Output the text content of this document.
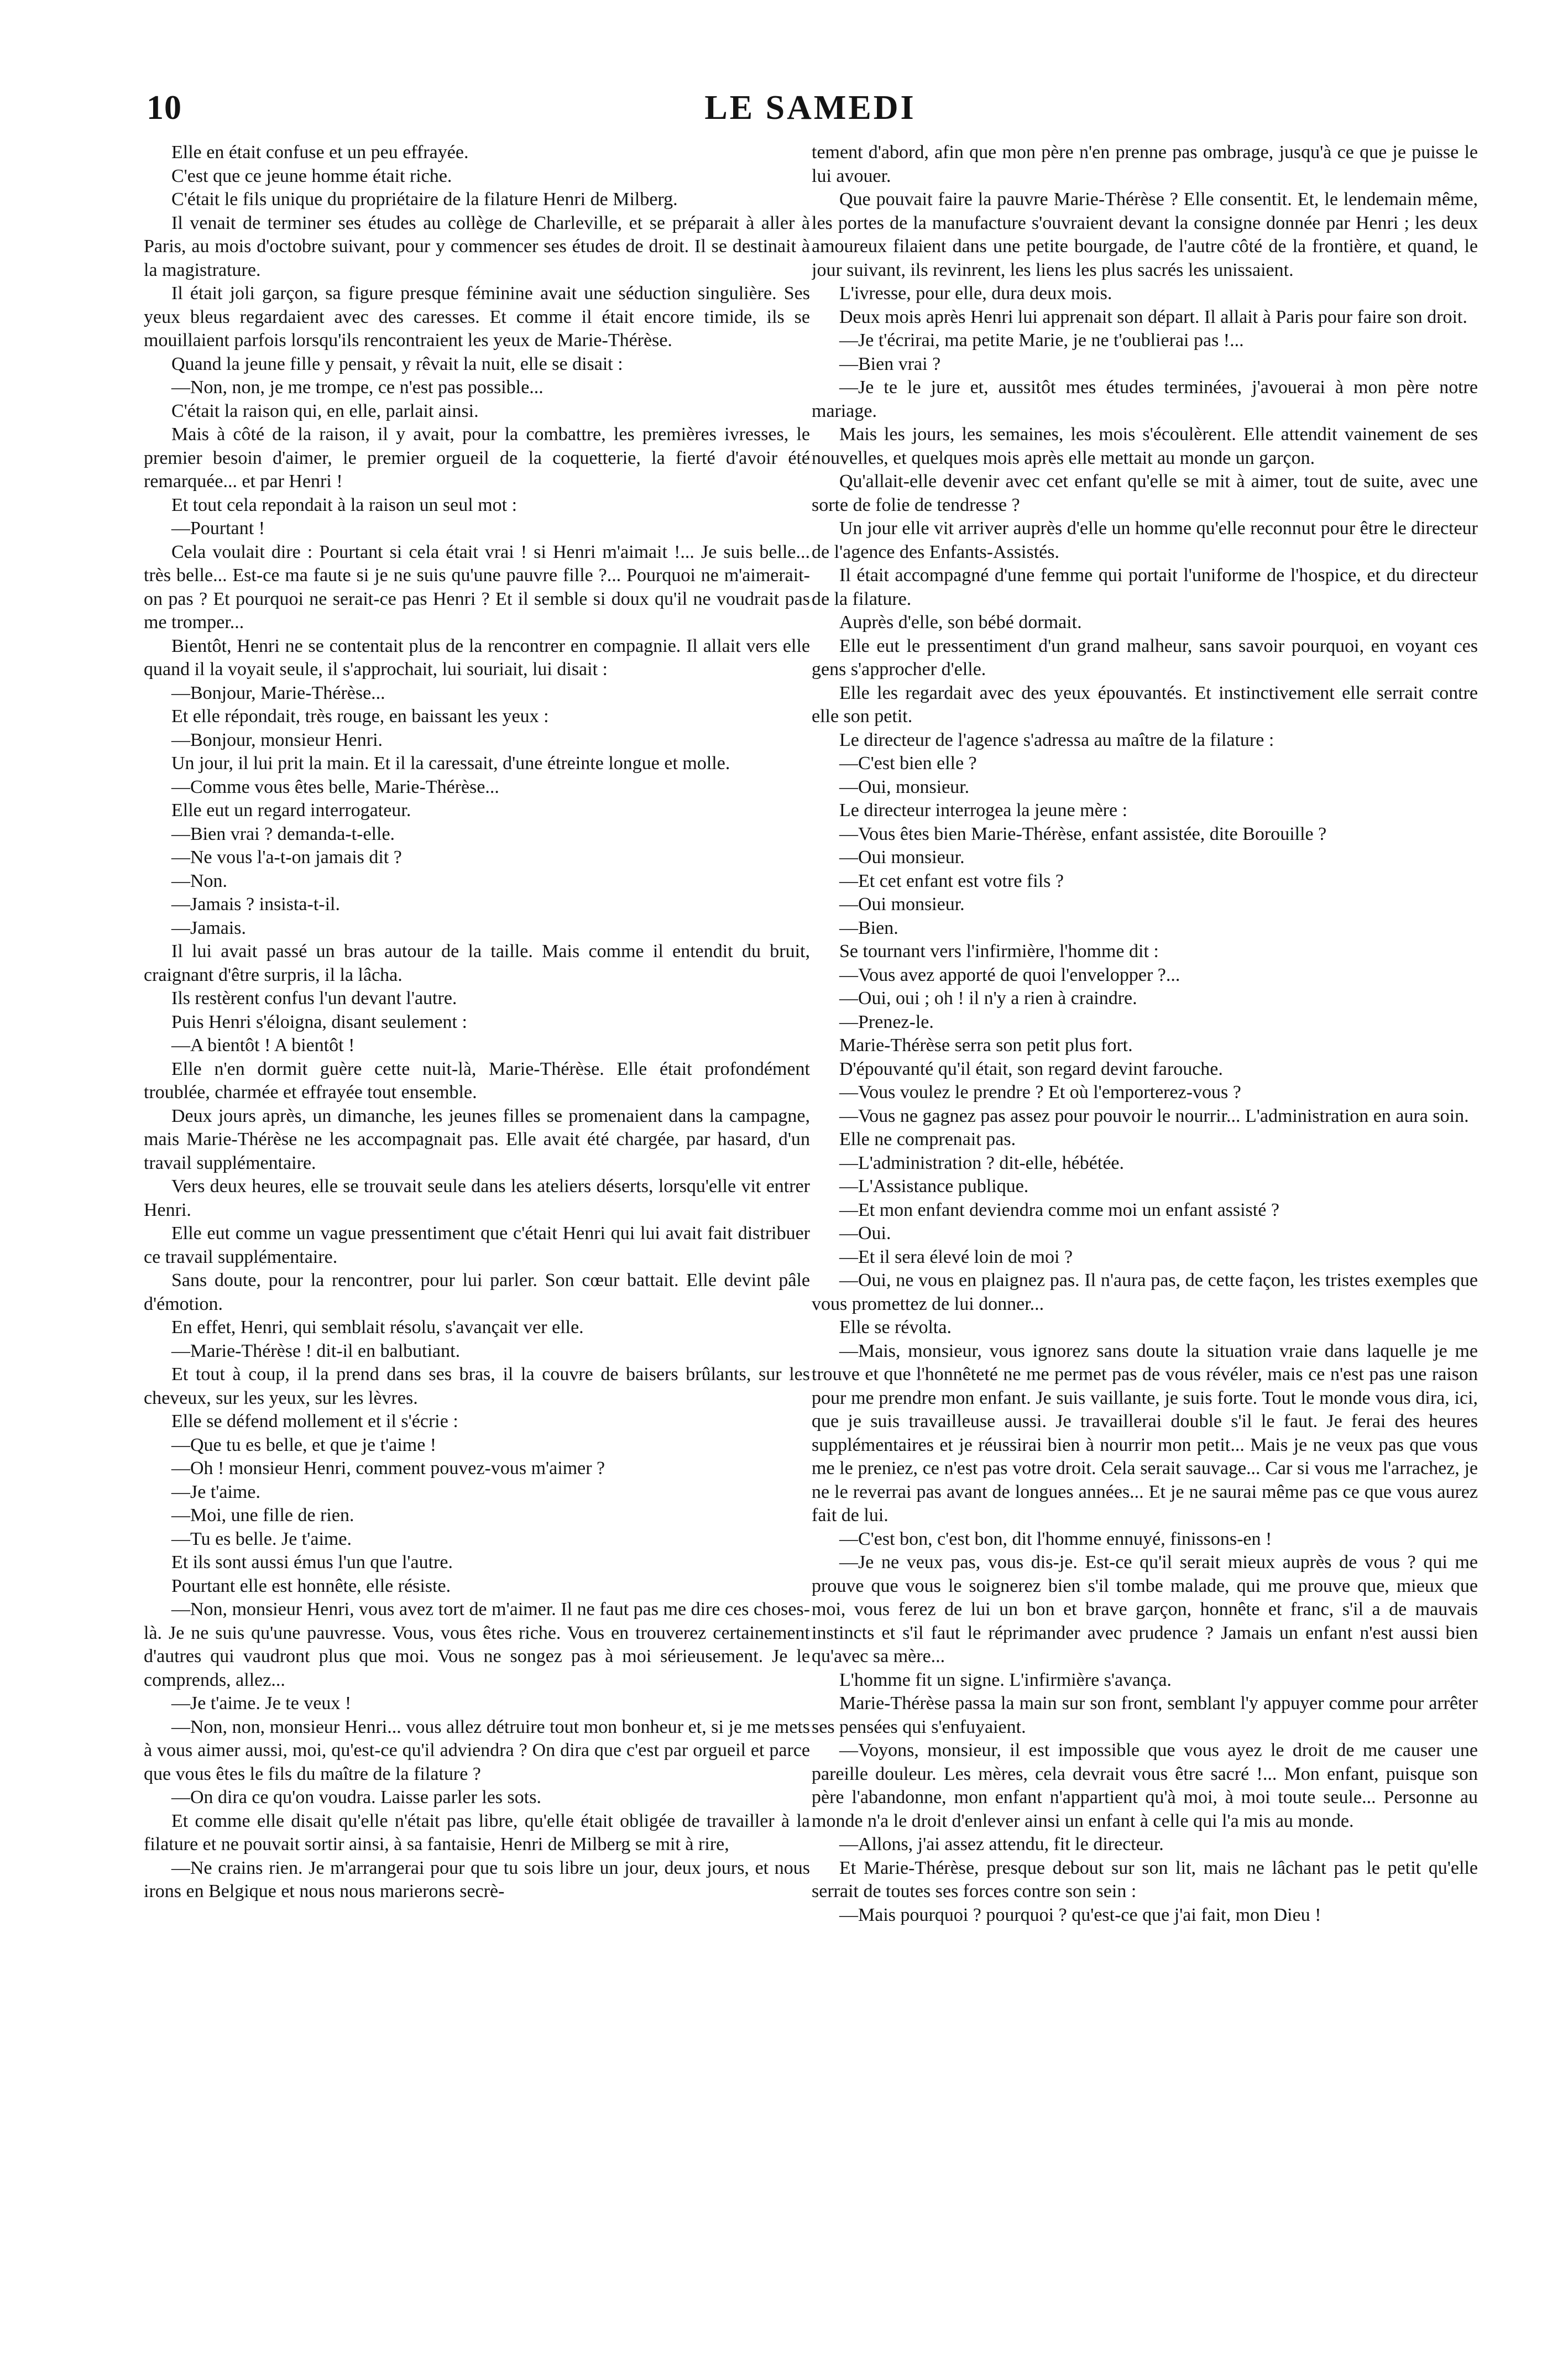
10	LE SAMEDI

Elle en était confuse et un peu effrayée.

C'est que ce jeune homme était riche.

C'était le fils unique du propriétaire de la filature Henri de Milberg.

Il venait de terminer ses études au collège de Charleville, et se préparait à aller à Paris, au mois d'octobre suivant, pour y commencer ses études de droit. Il se destinait à la magistrature.

Il était joli garçon, sa figure presque féminine avait une séduction singulière. Ses yeux bleus regardaient avec des caresses. Et comme il était encore timide, ils se mouillaient parfois lorsqu'ils rencontraient les yeux de Marie-Thérèse.

Quand la jeune fille y pensait, y rêvait la nuit, elle se disait :

—Non, non, je me trompe, ce n'est pas possible...

C'était la raison qui, en elle, parlait ainsi.

Mais à côté de la raison, il y avait, pour la combattre, les premières ivresses, le premier besoin d'aimer, le premier orgueil de la coquetterie, la fierté d'avoir été remarquée... et par Henri !

Et tout cela repondait à la raison un seul mot :

—Pourtant !

Cela voulait dire : Pourtant si cela était vrai ! si Henri m'aimait !... Je suis belle... très belle... Est-ce ma faute si je ne suis qu'une pauvre fille ?... Pourquoi ne m'aimerait-on pas ? Et pourquoi ne serait-ce pas Henri ? Et il semble si doux qu'il ne voudrait pas me tromper...

Bientôt, Henri ne se contentait plus de la rencontrer en compagnie. Il allait vers elle quand il la voyait seule, il s'approchait, lui souriait, lui disait :

—Bonjour, Marie-Thérèse...

Et elle répondait, très rouge, en baissant les yeux :

—Bonjour, monsieur Henri.

Un jour, il lui prit la main. Et il la caressait, d'une étreinte longue et molle.

—Comme vous êtes belle, Marie-Thérèse...

Elle eut un regard interrogateur.

—Bien vrai ? demanda-t-elle.

—Ne vous l'a-t-on jamais dit ?

—Non.

—Jamais ? insista-t-il.

—Jamais.

Il lui avait passé un bras autour de la taille. Mais comme il entendit du bruit, craignant d'être surpris, il la lâcha.

Ils restèrent confus l'un devant l'autre.

Puis Henri s'éloigna, disant seulement :

—A bientôt ! A bientôt !

Elle n'en dormit guère cette nuit-là, Marie-Thérèse. Elle était profondément troublée, charmée et effrayée tout ensemble.

Deux jours après, un dimanche, les jeunes filles se promenaient dans la campagne, mais Marie-Thérèse ne les accompagnait pas. Elle avait été chargée, par hasard, d'un travail supplémentaire.

Vers deux heures, elle se trouvait seule dans les ateliers déserts, lorsqu'elle vit entrer Henri.

Elle eut comme un vague pressentiment que c'était Henri qui lui avait fait distribuer ce travail supplémentaire.

Sans doute, pour la rencontrer, pour lui parler. Son cœur battait. Elle devint pâle d'émotion.

En effet, Henri, qui semblait résolu, s'avançait ver elle.

—Marie-Thérèse ! dit-il en balbutiant.

Et tout à coup, il la prend dans ses bras, il la couvre de baisers brûlants, sur les cheveux, sur les yeux, sur les lèvres.

Elle se défend mollement et il s'écrie :

—Que tu es belle, et que je t'aime !

—Oh ! monsieur Henri, comment pouvez-vous m'aimer ?

—Je t'aime.

—Moi, une fille de rien.

—Tu es belle. Je t'aime.

Et ils sont aussi émus l'un que l'autre.

Pourtant elle est honnête, elle résiste.

—Non, monsieur Henri, vous avez tort de m'aimer. Il ne faut pas me dire ces choses-là. Je ne suis qu'une pauvresse. Vous, vous êtes riche. Vous en trouverez certainement d'autres qui vaudront plus que moi. Vous ne songez pas à moi sérieusement. Je le comprends, allez...

—Je t'aime. Je te veux !

—Non, non, monsieur Henri... vous allez détruire tout mon bonheur et, si je me mets à vous aimer aussi, moi, qu'est-ce qu'il adviendra ? On dira que c'est par orgueil et parce que vous êtes le fils du maître de la filature ?

—On dira ce qu'on voudra. Laisse parler les sots.

Et comme elle disait qu'elle n'était pas libre, qu'elle était obligée de travailler à la filature et ne pouvait sortir ainsi, à sa fantaisie, Henri de Milberg se mit à rire,

—Ne crains rien. Je m'arrangerai pour que tu sois libre un jour, deux jours, et nous irons en Belgique et nous nous marierons secrè-

tement d'abord, afin que mon père n'en prenne pas ombrage, jusqu'à ce que je puisse le lui avouer.

Que pouvait faire la pauvre Marie-Thérèse ? Elle consentit. Et, le lendemain même, les portes de la manufacture s'ouvraient devant la consigne donnée par Henri ; les deux amoureux filaient dans une petite bourgade, de l'autre côté de la frontière, et quand, le jour suivant, ils revinrent, les liens les plus sacrés les unissaient.

L'ivresse, pour elle, dura deux mois.

Deux mois après Henri lui apprenait son départ. Il allait à Paris pour faire son droit.

—Je t'écrirai, ma petite Marie, je ne t'oublierai pas !...

—Bien vrai ?

—Je te le jure et, aussitôt mes études terminées, j'avouerai à mon père notre mariage.

Mais les jours, les semaines, les mois s'écoulèrent. Elle attendit vainement de ses nouvelles, et quelques mois après elle mettait au monde un garçon.

Qu'allait-elle devenir avec cet enfant qu'elle se mit à aimer, tout de suite, avec une sorte de folie de tendresse ?

Un jour elle vit arriver auprès d'elle un homme qu'elle reconnut pour être le directeur de l'agence des Enfants-Assistés.

Il était accompagné d'une femme qui portait l'uniforme de l'hospice, et du directeur de la filature.

Auprès d'elle, son bébé dormait.

Elle eut le pressentiment d'un grand malheur, sans savoir pourquoi, en voyant ces gens s'approcher d'elle.

Elle les regardait avec des yeux épouvantés. Et instinctivement elle serrait contre elle son petit.

Le directeur de l'agence s'adressa au maître de la filature :

—C'est bien elle ?

—Oui, monsieur.

Le directeur interrogea la jeune mère :

—Vous êtes bien Marie-Thérèse, enfant assistée, dite Borouille ?

—Oui monsieur.

—Et cet enfant est votre fils ?

—Oui monsieur.

—Bien.

Se tournant vers l'infirmière, l'homme dit :

—Vous avez apporté de quoi l'envelopper ?...

—Oui, oui ; oh ! il n'y a rien à craindre.

—Prenez-le.

Marie-Thérèse serra son petit plus fort.

D'épouvanté qu'il était, son regard devint farouche.

—Vous voulez le prendre ? Et où l'emporterez-vous ?

—Vous ne gagnez pas assez pour pouvoir le nourrir... L'administration en aura soin.

Elle ne comprenait pas.

—L'administration ? dit-elle, hébétée.

—L'Assistance publique.

—Et mon enfant deviendra comme moi un enfant assisté ?

—Oui.

—Et il sera élevé loin de moi ?

—Oui, ne vous en plaignez pas. Il n'aura pas, de cette façon, les tristes exemples que vous promettez de lui donner...

Elle se révolta.

—Mais, monsieur, vous ignorez sans doute la situation vraie dans laquelle je me trouve et que l'honnêteté ne me permet pas de vous révéler, mais ce n'est pas une raison pour me prendre mon enfant. Je suis vaillante, je suis forte. Tout le monde vous dira, ici, que je suis travailleuse aussi. Je travaillerai double s'il le faut. Je ferai des heures supplémentaires et je réussirai bien à nourrir mon petit... Mais je ne veux pas que vous me le preniez, ce n'est pas votre droit. Cela serait sauvage... Car si vous me l'arrachez, je ne le reverrai pas avant de longues années... Et je ne saurai même pas ce que vous aurez fait de lui.

—C'est bon, c'est bon, dit l'homme ennuyé, finissons-en !

—Je ne veux pas, vous dis-je. Est-ce qu'il serait mieux auprès de vous ? qui me prouve que vous le soignerez bien s'il tombe malade, qui me prouve que, mieux que moi, vous ferez de lui un bon et brave garçon, honnête et franc, s'il a de mauvais instincts et s'il faut le réprimander avec prudence ? Jamais un enfant n'est aussi bien qu'avec sa mère...

L'homme fit un signe. L'infirmière s'avança.

Marie-Thérèse passa la main sur son front, semblant l'y appuyer comme pour arrêter ses pensées qui s'enfuyaient.

—Voyons, monsieur, il est impossible que vous ayez le droit de me causer une pareille douleur. Les mères, cela devrait vous être sacré !... Mon enfant, puisque son père l'abandonne, mon enfant n'appartient qu'à moi, à moi toute seule... Personne au monde n'a le droit d'enlever ainsi un enfant à celle qui l'a mis au monde.

—Allons, j'ai assez attendu, fit le directeur.

Et Marie-Thérèse, presque debout sur son lit, mais ne lâchant pas le petit qu'elle serrait de toutes ses forces contre son sein :

—Mais pourquoi ? pourquoi ? qu'est-ce que j'ai fait, mon Dieu !
